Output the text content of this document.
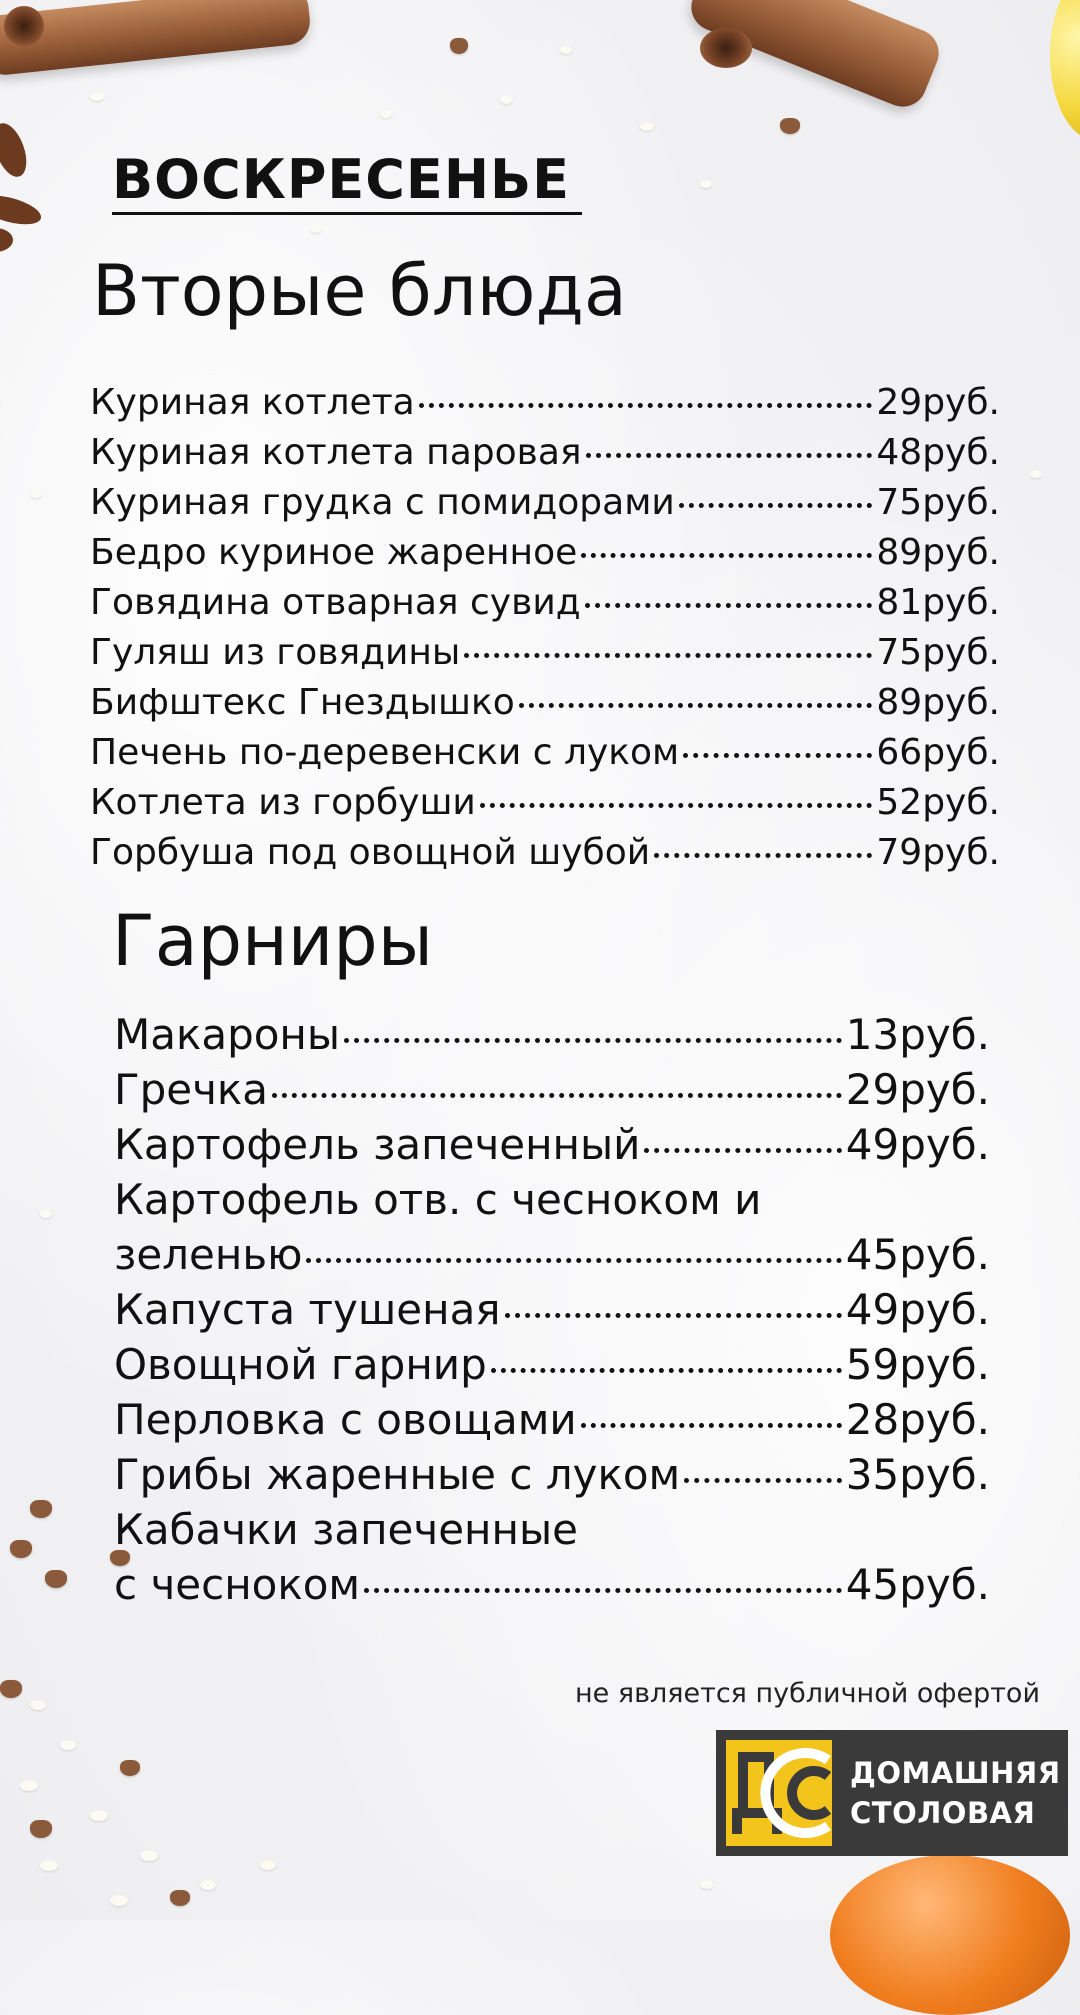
ВОСКРЕСЕНЬЕ
Вторые блюда
Куриная котлета	29руб.
Куриная котлета паровая	48руб.
Куриная грудка с помидорами	75руб.
Бедро куриное жаренное	89руб.
Говядина отварная сувид	81руб.
Гуляш из говядины	75руб.
Бифштекс Гнездышко	89руб.
Печень по-деревенски с луком	66руб.
Котлета из горбуши	52руб.
Горбуша под овощной шубой	79руб.
Гарниры
Макароны	13руб.
Гречка	29руб.
Картофель запеченный	49руб.
Картофель отв. с чесноком и
зеленью	45руб.
Капуста тушеная	49руб.
Овощной гарнир	59руб.
Перловка с овощами	28руб.
Грибы жаренные с луком	35руб.
Кабачки запеченные
с чесноком	45руб.
не является публичной офертой
ДОМАШНЯЯ
СТОЛОВАЯ
